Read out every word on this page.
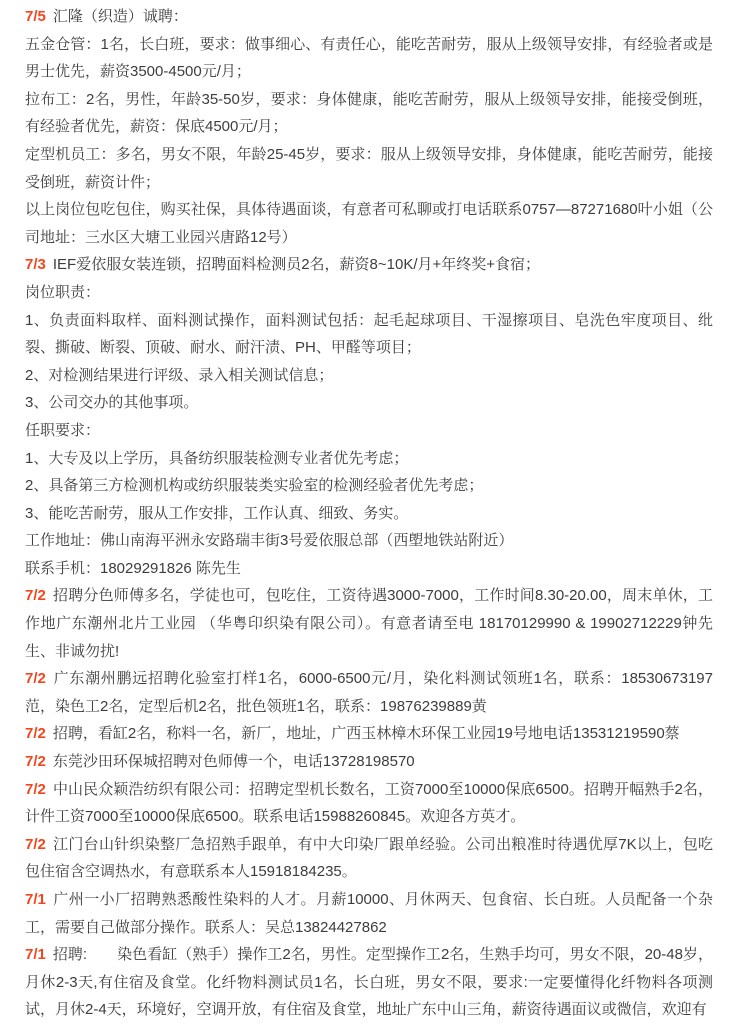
7/5 汇隆（织造）诚聘：

五金仓管：1名，长白班，要求：做事细心、有责任心，能吃苦耐劳，服从上级领导安排，有经验者或是男士优先，薪资3500-4500元/月；

拉布工：2名，男性，年龄35-50岁，要求：身体健康，能吃苦耐劳，服从上级领导安排，能接受倒班，有经验者优先，薪资：保底4500元/月；

定型机员工：多名，男女不限，年龄25-45岁，要求：服从上级领导安排，身体健康，能吃苦耐劳，能接受倒班，薪资计件；

以上岗位包吃包住，购买社保，具体待遇面谈，有意者可私聊或打电话联系0757—87271680叶小姐（公司地址：三水区大塘工业园兴唐路12号）

7/3 IEF爱依服女装连锁，招聘面料检测员2名，薪资8~10K/月+年终奖+食宿；

岗位职责：

1、负责面料取样、面料测试操作，面料测试包括：起毛起球项目、干湿擦项目、皂洗色牢度项目、纰裂、撕破、断裂、顶破、耐水、耐汗渍、PH、甲醛等项目；

2、对检测结果进行评级、录入相关测试信息；

3、公司交办的其他事项。

任职要求：

1、大专及以上学历，具备纺织服装检测专业者优先考虑；

2、具备第三方检测机构或纺织服装类实验室的检测经验者优先考虑；

3、能吃苦耐劳，服从工作安排，工作认真、细致、务实。

工作地址：佛山南海平洲永安路瑞丰街3号爱依服总部（西塱地铁站附近）

联系手机：18029291826 陈先生

7/2 招聘分色师傅多名，学徒也可，包吃住，工资待遇3000-7000，工作时间8.30-20.00，周末单休，工作地广东潮州北片工业园 （华粤印织染有限公司）。有意者请至电 18170129990 & 19902712229钟先生、非诚勿扰!

7/2 广东潮州鹏远招聘化验室打样1名，6000-6500元/月，染化料测试领班1名，联系：18530673197范，染色工2名，定型后机2名，批色领班1名，联系：19876239889黄

7/2 招聘，看缸2名，称料一名，新厂，地址，广西玉林樟木环保工业园19号地电话13531219590蔡

7/2 东莞沙田环保城招聘对色师傅一个，电话13728198570

7/2 中山民众颖浩纺织有限公司：招聘定型机长数名，工资7000至10000保底6500。招聘开幅熟手2名，计件工资7000至10000保底6500。联系电话15988260845。欢迎各方英才。

7/2 江门台山针织染整厂急招熟手跟单，有中大印染厂跟单经验。公司出粮准时待遇优厚7K以上，包吃包住宿含空调热水，有意联系本人15918184235。

7/1 广州一小厂招聘熟悉酸性染料的人才。月薪10000、月休两天、包食宿、长白班。人员配备一个杂工，需要自己做部分操作。联系人：吴总13824427862

7/1 招聘:　　染色看缸（熟手）操作工2名，男性。定型操作工2名，生熟手均可，男女不限，20-48岁，月休2-3天,有住宿及食堂。化纤物料测试员1名，长白班，男女不限，要求:一定要懂得化纤物料各项测试，月休2-4天，环境好，空调开放，有住宿及食堂，地址广东中山三角，薪资待遇面议或微信，欢迎有
